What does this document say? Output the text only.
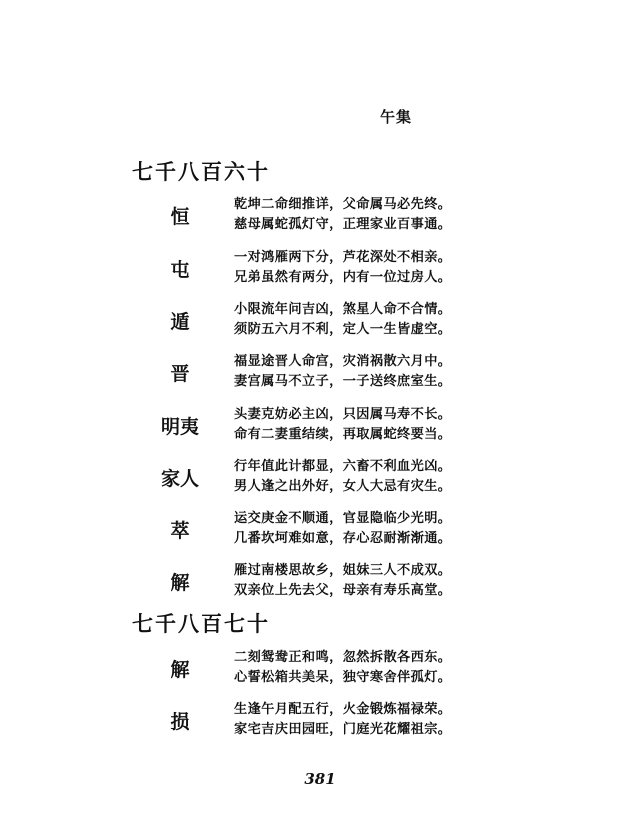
午集
七千八百六十
恒
乾坤二命细推详，父命属马必先终。
慈母属蛇孤灯守，正理家业百事通。
屯
一对鸿雁两下分，芦花深处不相亲。
兄弟虽然有两分，内有一位过房人。
遁
小限流年问吉凶，煞星人命不合情。
须防五六月不利，定人一生皆虚空。
晋
福显途晋人命宫，灾消祸散六月中。
妻宫属马不立子，一子送终庶室生。
明夷
头妻克妨必主凶，只因属马寿不长。
命有二妻重结续，再取属蛇终要当。
家人
行年值此计都显，六畜不利血光凶。
男人逢之出外好，女人大忌有灾生。
萃
运交庚金不顺通，官显隐临少光明。
几番坎坷难如意，存心忍耐渐渐通。
解
雁过南楼思故乡，姐妹三人不成双。
双亲位上先去父，母亲有寿乐高堂。
七千八百七十
解
二刻鸳鸯正和鸣，忽然拆散各西东。
心誓松箱共美呆，独守寒舍伴孤灯。
损
生逢午月配五行，火金锻炼福禄荣。
家宅吉庆田园旺，门庭光花耀祖宗。
381
